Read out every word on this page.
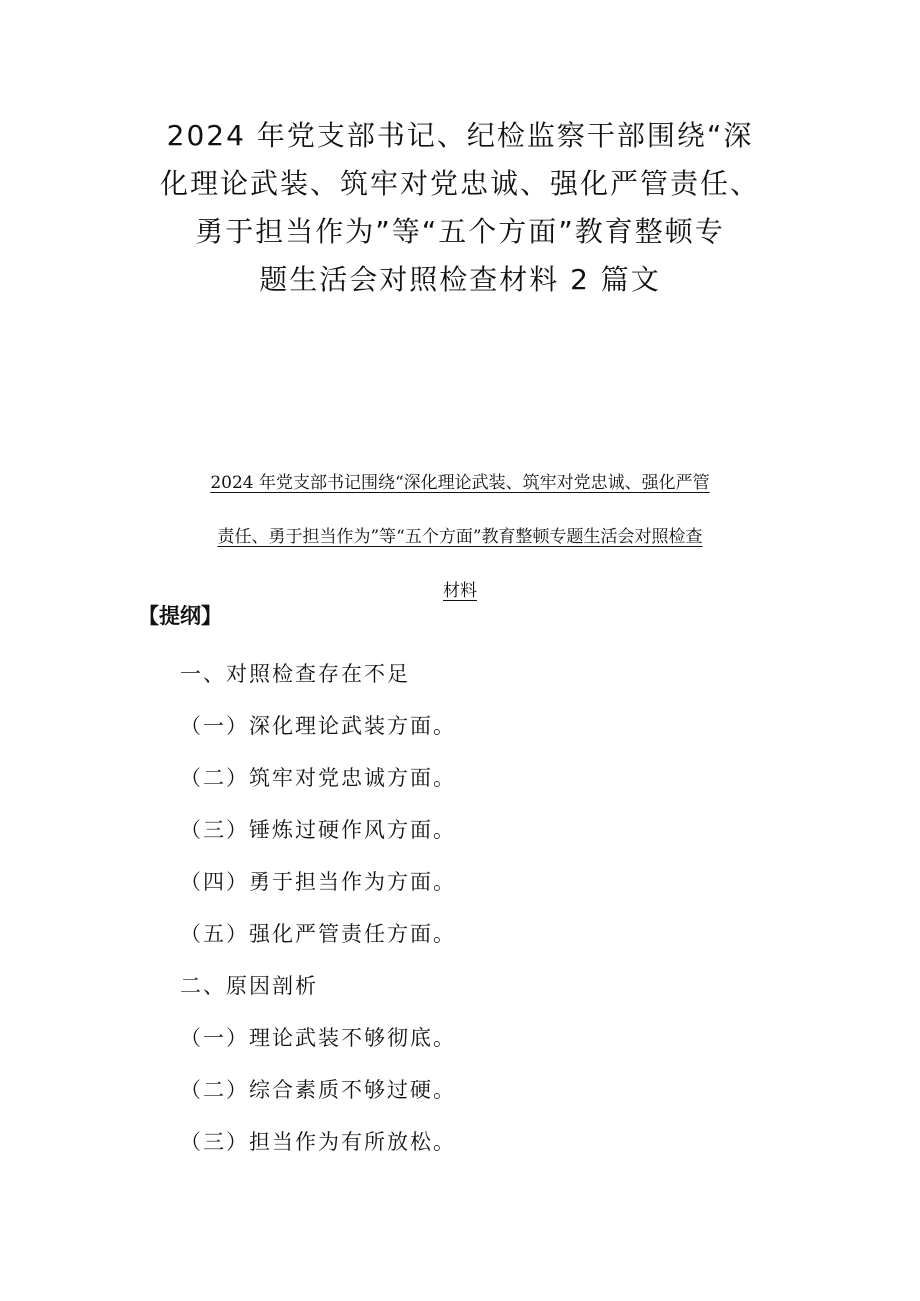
2024 年党支部书记、纪检监察干部围绕“深
化理论武装、筑牢对党忠诚、强化严管责任、
勇于担当作为”等“五个方面”教育整顿专
题生活会对照检查材料 2 篇文
2024 年党支部书记围绕“深化理论武装、筑牢对党忠诚、强化严管
责任、勇于担当作为”等“五个方面”教育整顿专题生活会对照检查
材料
【提纲】
一、对照检查存在不足
（一）深化理论武装方面。
（二）筑牢对党忠诚方面。
（三）锤炼过硬作风方面。
（四）勇于担当作为方面。
（五）强化严管责任方面。
二、原因剖析
（一）理论武装不够彻底。
（二）综合素质不够过硬。
（三）担当作为有所放松。
